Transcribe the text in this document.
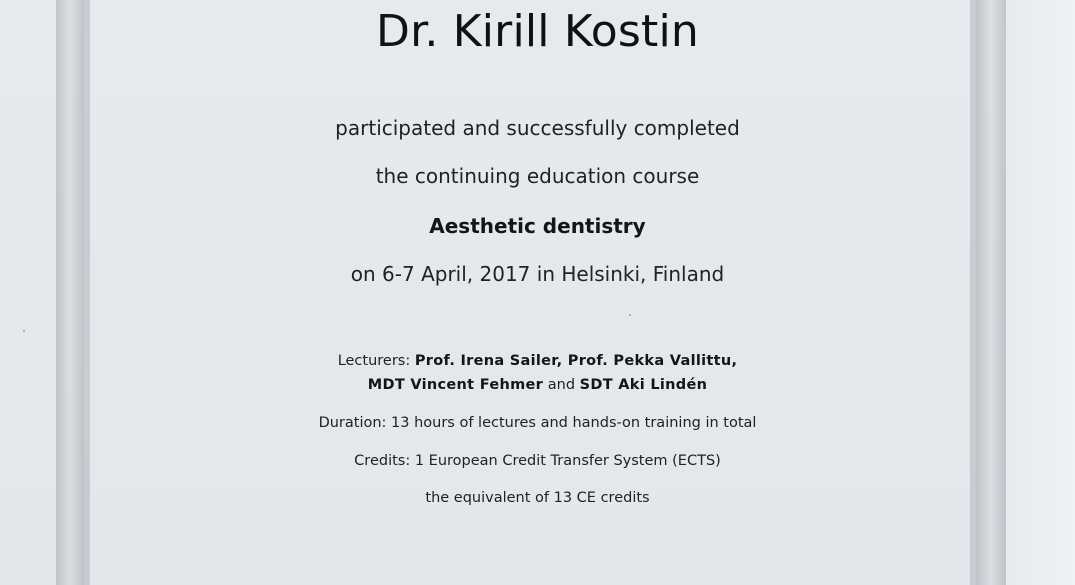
Dr. Kirill Kostin
participated and successfully completed
the continuing education course
Aesthetic dentistry
on 6-7 April, 2017 in Helsinki, Finland
Lecturers: Prof. Irena Sailer, Prof. Pekka Vallittu,
MDT Vincent Fehmer and SDT Aki Lindén
Duration: 13 hours of lectures and hands-on training in total
Credits: 1 European Credit Transfer System (ECTS)
the equivalent of 13 CE credits
